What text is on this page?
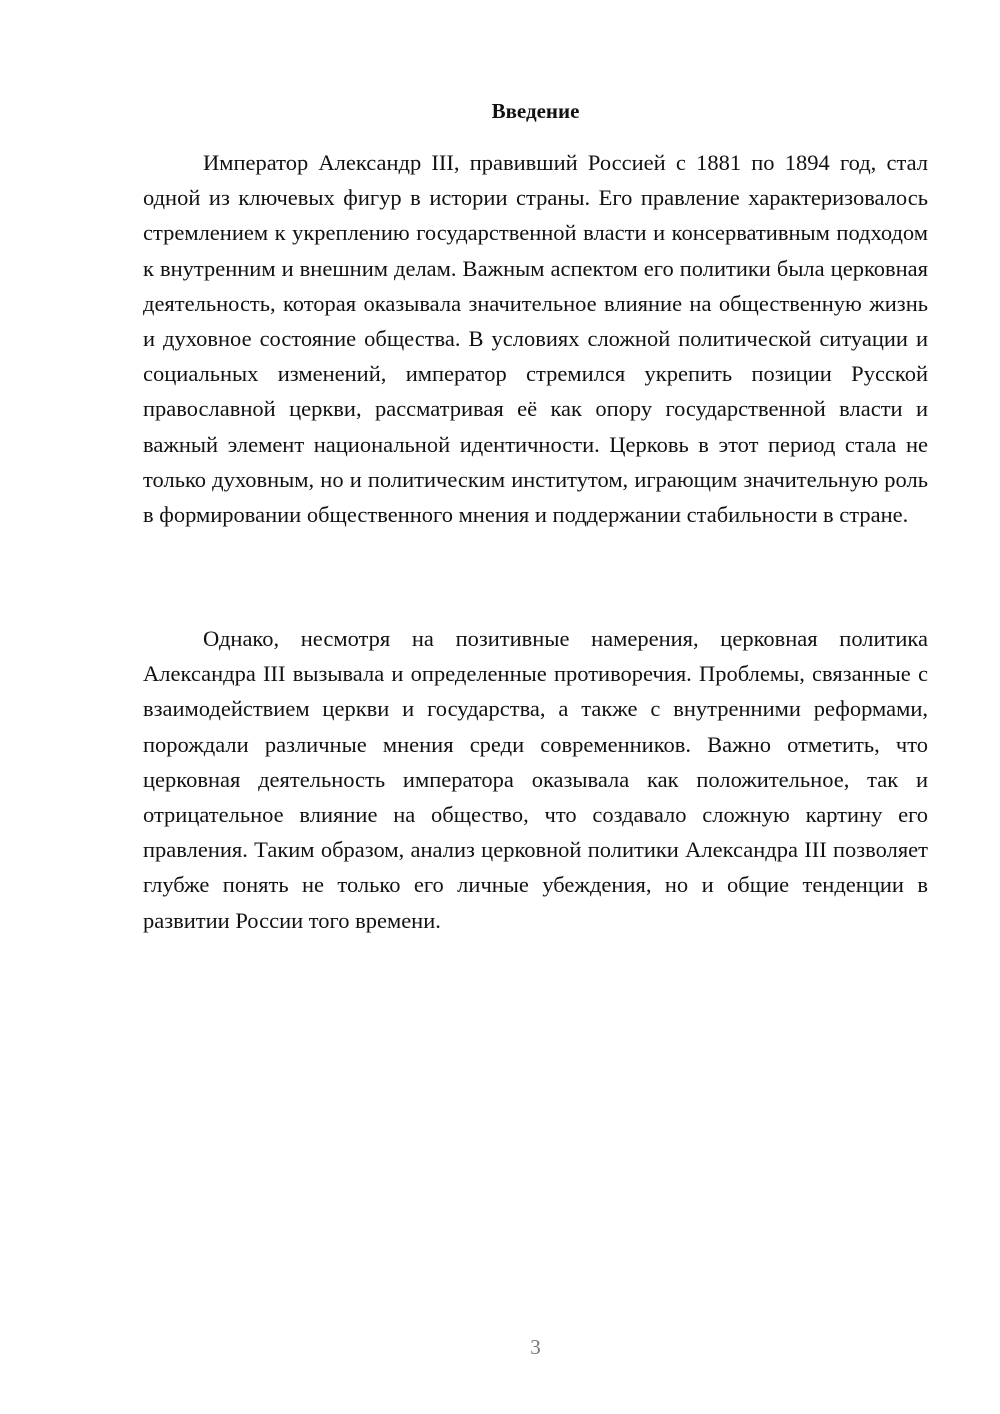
Введение

Император Александр III, правивший Россией с 1881 по 1894 год, стал одной из ключевых фигур в истории страны. Его правление характеризовалось стремлением к укреплению государственной власти и консервативным подходом к внутренним и внешним делам. Важным аспектом его политики была церковная деятельность, которая оказывала значительное влияние на общественную жизнь и духовное состояние общества. В условиях сложной политической ситуации и социальных изменений, император стремился укрепить позиции Русской православной церкви, рассматривая её как опору государственной власти и важный элемент национальной идентичности. Церковь в этот период стала не только духовным, но и политическим институтом, играющим значительную роль в формировании общественного мнения и поддержании стабильности в стране.

Однако, несмотря на позитивные намерения, церковная политика Александра III вызывала и определенные противоречия. Проблемы, связанные с взаимодействием церкви и государства, а также с внутренними реформами, порождали различные мнения среди современников. Важно отметить, что церковная деятельность императора оказывала как положительное, так и отрицательное влияние на общество, что создавало сложную картину его правления. Таким образом, анализ церковной политики Александра III позволяет глубже понять не только его личные убеждения, но и общие тенденции в развитии России того времени.

3
